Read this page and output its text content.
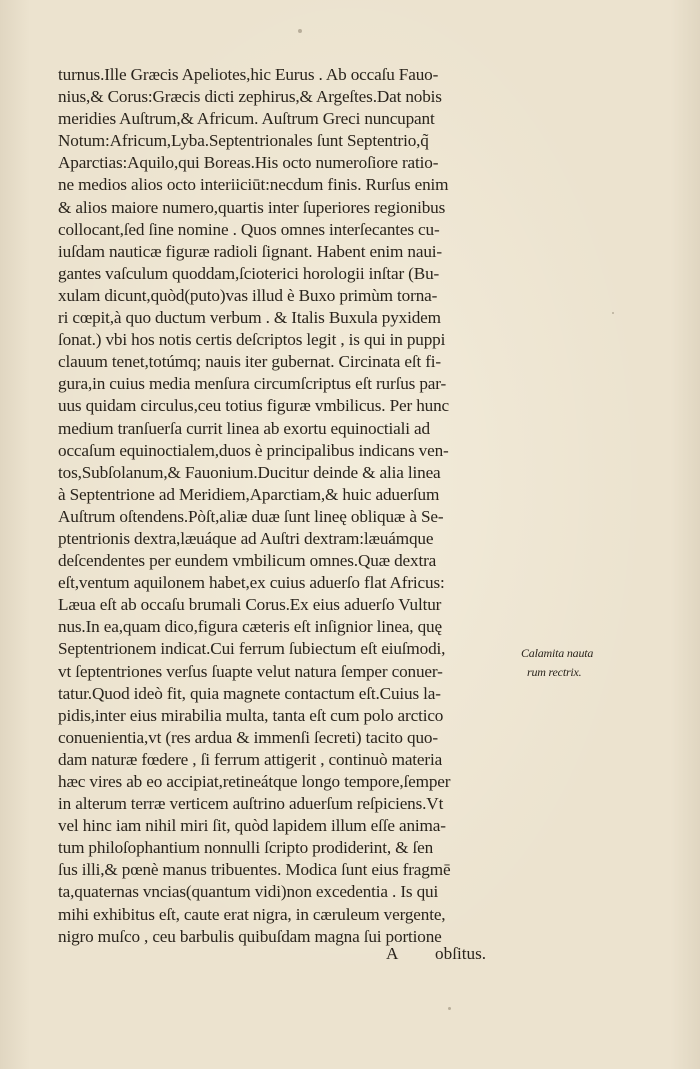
turnus.Ille Græcis Apeliotes,hic Eurus . Ab occaſu Fauo-
nius,& Corus:Græcis dicti zephirus,& Argeſtes.Dat nobis
meridies Auſtrum,& Africum. Auſtrum Greci nuncupant
Notum:Africum,Lyba.Septentrionales ſunt Septentrio,q̃
Aparctias:Aquilo,qui Boreas.His octo numeroſiore ratio-
ne medios alios octo interiiciūt:necdum finis. Rurſus enim
& alios maiore numero,quartis inter ſuperiores regionibus
collocant,ſed ſine nomine . Quos omnes interſecantes cu-
iuſdam nauticæ figuræ radioli ſignant. Habent enim naui-
gantes vaſculum quoddam,ſcioterici horologii inſtar (Bu-
xulam dicunt,quòd(puto)vas illud è Buxo primùm torna-
ri cœpit,à quo ductum verbum . & Italis Buxula pyxidem
ſonat.) vbi hos notis certis deſcriptos legit , is qui in puppi
clauum tenet,totúmq; nauis iter gubernat. Circinata eſt fi-
gura,in cuius media menſura circumſcriptus eſt rurſus par-
uus quidam circulus,ceu totius figuræ vmbilicus. Per hunc
medium tranſuerſa currit linea ab exortu equinoctiali ad
occaſum equinoctialem,duos è principalibus indicans ven-
tos,Subſolanum,& Fauonium.Ducitur deinde & alia linea
à Septentrione ad Meridiem,Aparctiam,& huic aduerſum
Auſtrum oſtendens.Pòſt,aliæ duæ ſunt lineę obliquæ à Se-
ptentrionis dextra,læuáque ad Auſtri dextram:læuámque
deſcendentes per eundem vmbilicum omnes.Quæ dextra
eſt,ventum aquilonem habet,ex cuius aduerſo flat Africus:
Læua eſt ab occaſu brumali Corus.Ex eius aduerſo Vultur
nus.In ea,quam dico,figura cæteris eſt inſignior linea, quę
Septentrionem indicat.Cui ferrum ſubiectum eſt eiuſmodi,
vt ſeptentriones verſus ſuapte velut natura ſemper conuer-
tatur.Quod ideò fit, quia magnete contactum eſt.Cuius la-
pidis,inter eius mirabilia multa, tanta eſt cum polo arctico
conuenientia,vt (res ardua & immenſi ſecreti) tacito quo-
dam naturæ fœdere , ſi ferrum attigerit , continuò materia
hæc vires ab eo accipiat,retineátque longo tempore,ſemper
in alterum terræ verticem auſtrino aduerſum reſpiciens.Vt
vel hinc iam nihil miri ſit, quòd lapidem illum eſſe anima-
tum philoſophantium nonnulli ſcripto prodiderint, & ſen
ſus illi,& pœnè manus tribuentes. Modica ſunt eius fragmē
ta,quaternas vncias(quantum vidi)non excedentia . Is qui
mihi exhibitus eſt, caute erat nigra, in cæruleum vergente,
nigro muſco , ceu barbulis quibuſdam magna ſui portione
A obſitus.
Calamita nauta
rum rectrix.
